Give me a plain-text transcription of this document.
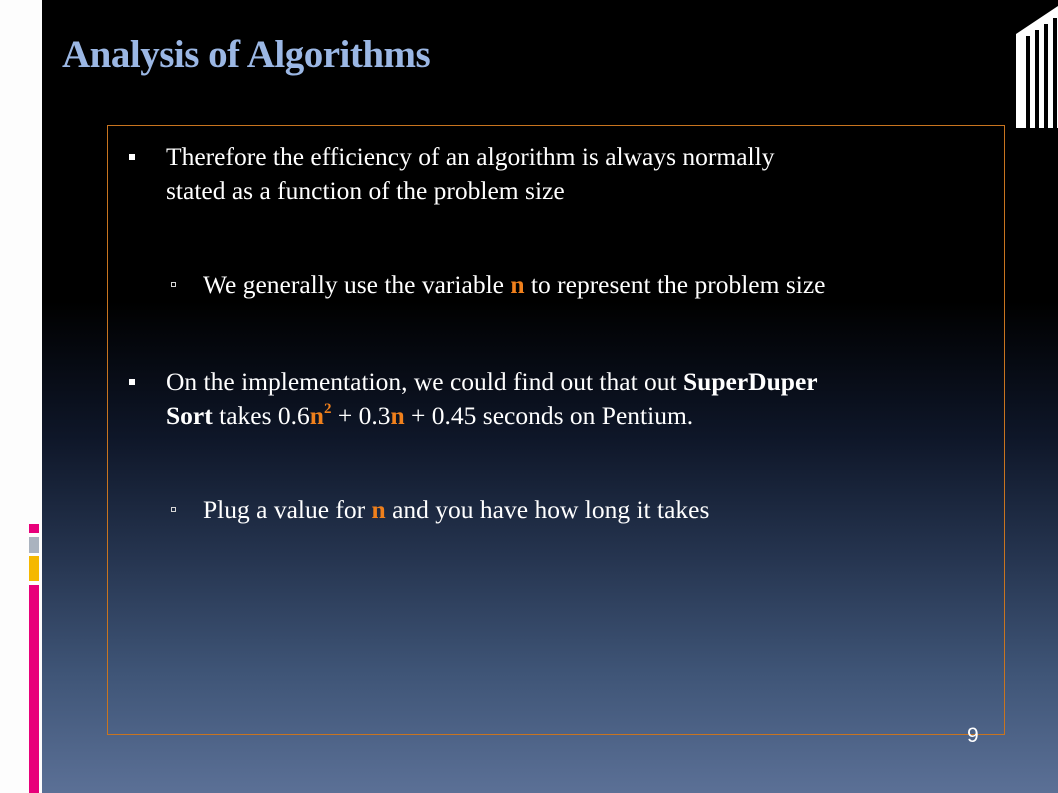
Analysis of Algorithms
Therefore the efficiency of an algorithm is always normally
stated as a function of the problem size
We generally use the variable n to represent the problem size
On the implementation, we could find out that out SuperDuper
Sort takes $0.6n^2 + 0.3n + 0.45$ seconds on Pentium.
Plug a value for n and you have how long it takes
9
